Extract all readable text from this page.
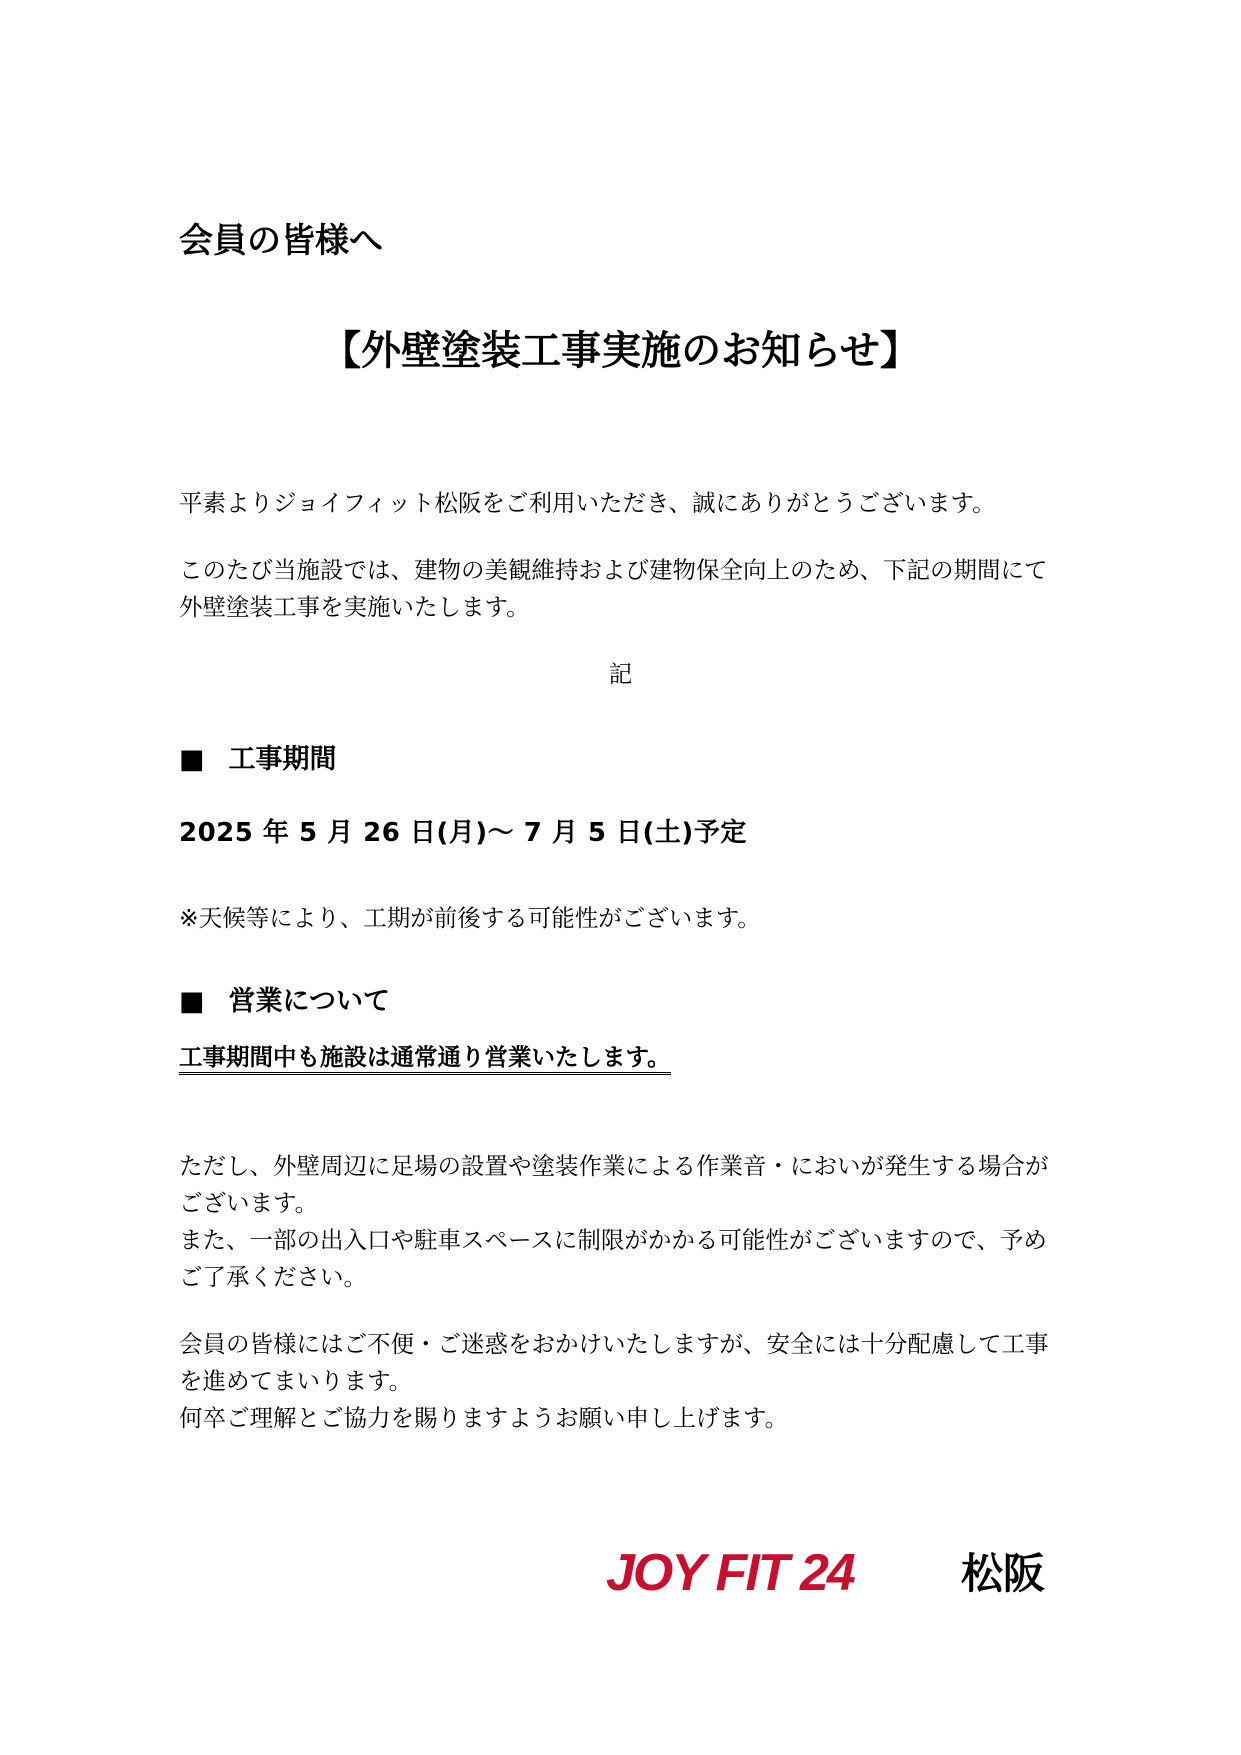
会員の皆様へ

【外壁塗装工事実施のお知らせ】

平素よりジョイフィット松阪をご利用いただき、誠にありがとうございます。

このたび当施設では、建物の美観維持および建物保全向上のため、下記の期間にて

外壁塗装工事を実施いたします。

記

■ 工事期間

2025 年 5 月 26 日(月)～ 7 月 5 日(土)予定

※天候等により、工期が前後する可能性がございます。

■ 営業について

工事期間中も施設は通常通り営業いたします。

ただし、外壁周辺に足場の設置や塗装作業による作業音・においが発生する場合が

ございます。

また、一部の出入口や駐車スペースに制限がかかる可能性がございますので、予め

ご了承ください。

会員の皆様にはご不便・ご迷惑をおかけいたしますが、安全には十分配慮して工事

を進めてまいります。

何卒ご理解とご協力を賜りますようお願い申し上げます。

JOY FIT 24	松阪
